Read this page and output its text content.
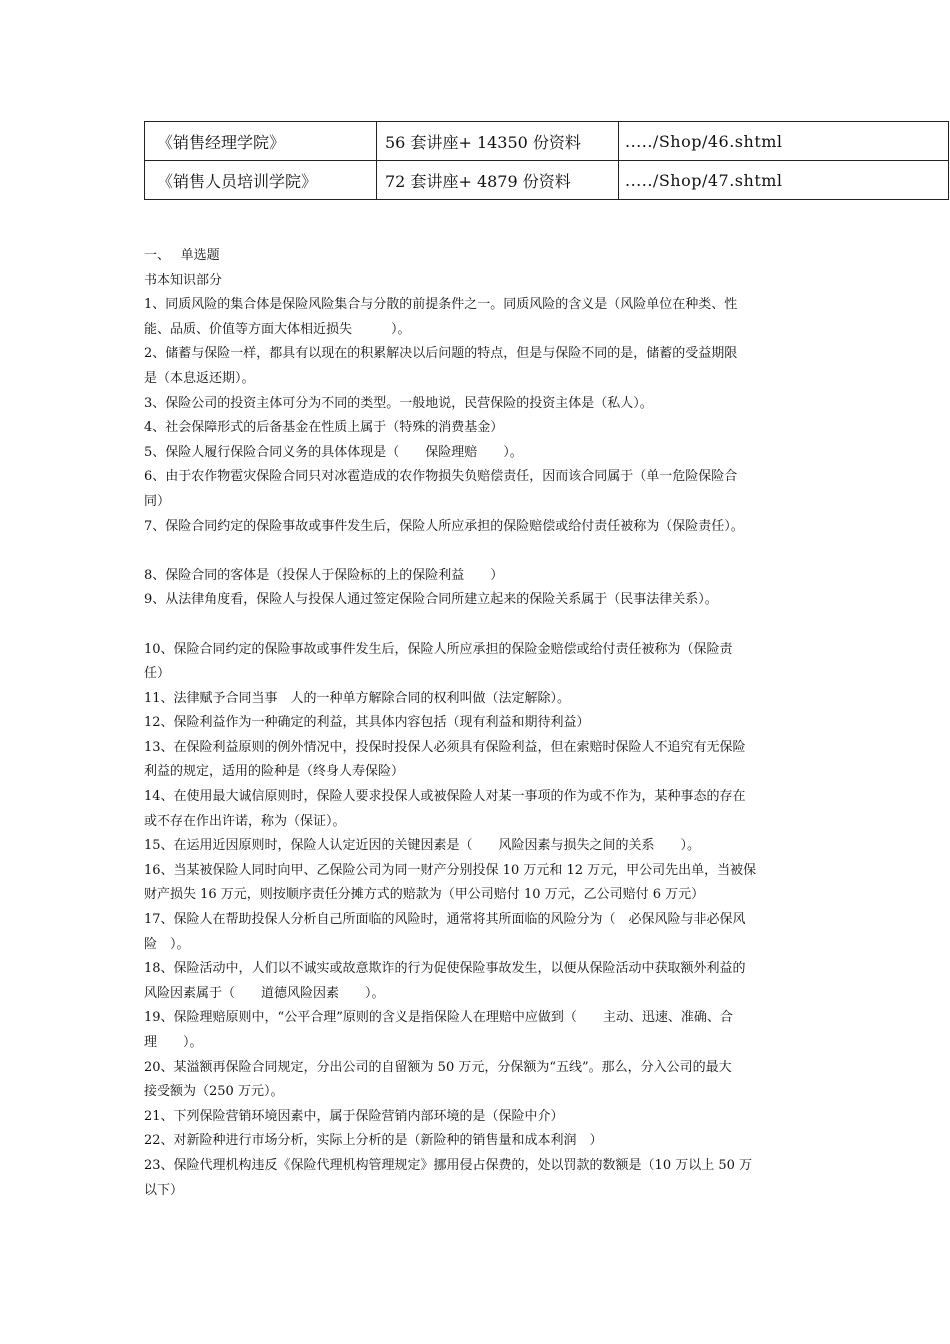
《销售经理学院》	56 套讲座+ 14350 份资料	...../Shop/46.shtml
《销售人员培训学院》	72 套讲座+ 4879 份资料	...../Shop/47.shtml
一、　 单选题
书本知识部分
1、同质风险的集合体是保险风险集合与分散的前提条件之一。同质风险的含义是（风险单位在种类、性
能、品质、价值等方面大体相近损失　　　）。
2、储蓄与保险一样，都具有以现在的积累解决以后问题的特点，但是与保险不同的是，储蓄的受益期限
是（本息返还期）。
3、保险公司的投资主体可分为不同的类型。一般地说，民营保险的投资主体是（私人）。
4、社会保障形式的后备基金在性质上属于（特殊的消费基金）
5、保险人履行保险合同义务的具体体现是（　　保险理赔　　）。
6、由于农作物雹灾保险合同只对冰雹造成的农作物损失负赔偿责任，因而该合同属于（单一危险保险合
同）
7、保险合同约定的保险事故或事件发生后，保险人所应承担的保险赔偿或给付责任被称为（保险责任）。
8、保险合同的客体是（投保人于保险标的上的保险利益　　）
9、从法律角度看，保险人与投保人通过签定保险合同所建立起来的保险关系属于（民事法律关系）。
10、保险合同约定的保险事故或事件发生后，保险人所应承担的保险金赔偿或给付责任被称为（保险责
任）
11、法律赋予合同当事　人的一种单方解除合同的权利叫做（法定解除）。
12、保险利益作为一种确定的利益，其具体内容包括（现有利益和期待利益）
13、在保险利益原则的例外情况中，投保时投保人必须具有保险利益，但在索赔时保险人不追究有无保险
利益的规定，适用的险种是（终身人寿保险）
14、在使用最大诚信原则时，保险人要求投保人或被保险人对某一事项的作为或不作为，某种事态的存在
或不存在作出许诺，称为（保证）。
15、在运用近因原则时，保险人认定近因的关键因素是（　　风险因素与损失之间的关系　　）。
16、当某被保险人同时向甲、乙保险公司为同一财产分别投保 10 万元和 12 万元，甲公司先出单，当被保
财产损失 16 万元，则按顺序责任分摊方式的赔款为（甲公司赔付 10 万元，乙公司赔付 6 万元）
17、保险人在帮助投保人分析自己所面临的风险时，通常将其所面临的风险分为（　必保风险与非必保风
险　）。
18、保险活动中，人们以不诚实或故意欺诈的行为促使保险事故发生，以便从保险活动中获取额外利益的
风险因素属于（　　道德风险因素　　）。
19、保险理赔原则中，“公平合理”原则的含义是指保险人在理赔中应做到（　　主动、迅速、准确、合
理　　）。
20、某溢额再保险合同规定，分出公司的自留额为 50 万元，分保额为“五线”。那么，分入公司的最大
接受额为（250 万元）。
21、下列保险营销环境因素中，属于保险营销内部环境的是（保险中介）
22、对新险种进行市场分析，实际上分析的是（新险种的销售量和成本利润　）
23、保险代理机构违反《保险代理机构管理规定》挪用侵占保费的，处以罚款的数额是（10 万以上 50 万
以下）
